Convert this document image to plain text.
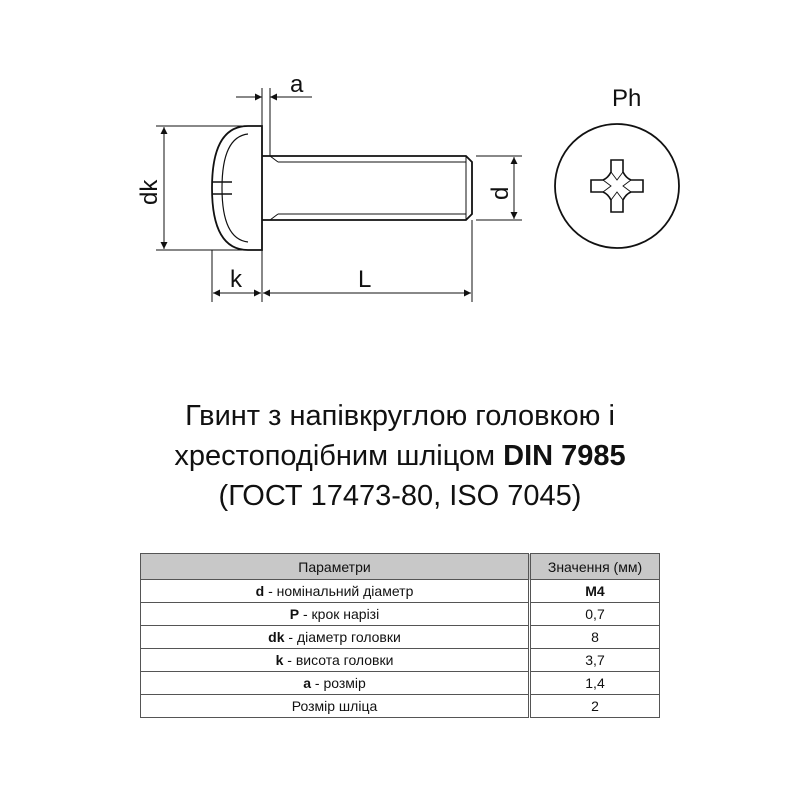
a
Ph
dk	d
k	L
Гвинт з напівкруглою головкою і
хрестоподібним шліцом DIN 7985
(ГОСТ 17473-80, ISO 7045)
Параметри	Значення (мм)
d - номінальний діаметр	M4
P - крок нарізі	0,7
dk - діаметр головки	8
k - висота головки	3,7
a - розмір	1,4
Розмір шліца	2
